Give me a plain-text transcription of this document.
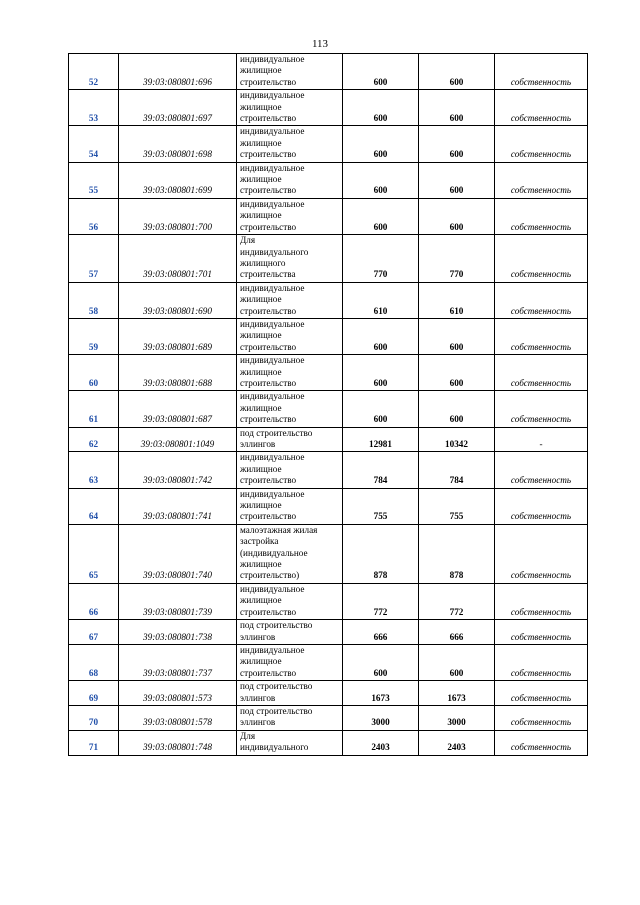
113
52	39:03:080801:696	индивидуальное
жилищное
строительство	600	600	собственность
53	39:03:080801:697	индивидуальное
жилищное
строительство	600	600	собственность
54	39:03:080801:698	индивидуальное
жилищное
строительство	600	600	собственность
55	39:03:080801:699	индивидуальное
жилищное
строительство	600	600	собственность
56	39:03:080801:700	индивидуальное
жилищное
строительство	600	600	собственность
57	39:03:080801:701	Для
индивидуального
жилищного
строительства	770	770	собственность
58	39:03:080801:690	индивидуальное
жилищное
строительство	610	610	собственность
59	39:03:080801:689	индивидуальное
жилищное
строительство	600	600	собственность
60	39:03:080801:688	индивидуальное
жилищное
строительство	600	600	собственность
61	39:03:080801:687	индивидуальное
жилищное
строительство	600	600	собственность
62	39:03:080801:1049	под строительство
эллингов	12981	10342	-
63	39:03:080801:742	индивидуальное
жилищное
строительство	784	784	собственность
64	39:03:080801:741	индивидуальное
жилищное
строительство	755	755	собственность
65	39:03:080801:740	малоэтажная жилая
застройка
(индивидуальное
жилищное
строительство)	878	878	собственность
66	39:03:080801:739	индивидуальное
жилищное
строительство	772	772	собственность
67	39:03:080801:738	под строительство
эллингов	666	666	собственность
68	39:03:080801:737	индивидуальное
жилищное
строительство	600	600	собственность
69	39:03:080801:573	под строительство
эллингов	1673	1673	собственность
70	39:03:080801:578	под строительство
эллингов	3000	3000	собственность
71	39:03:080801:748	Для
индивидуального	2403	2403	собственность
